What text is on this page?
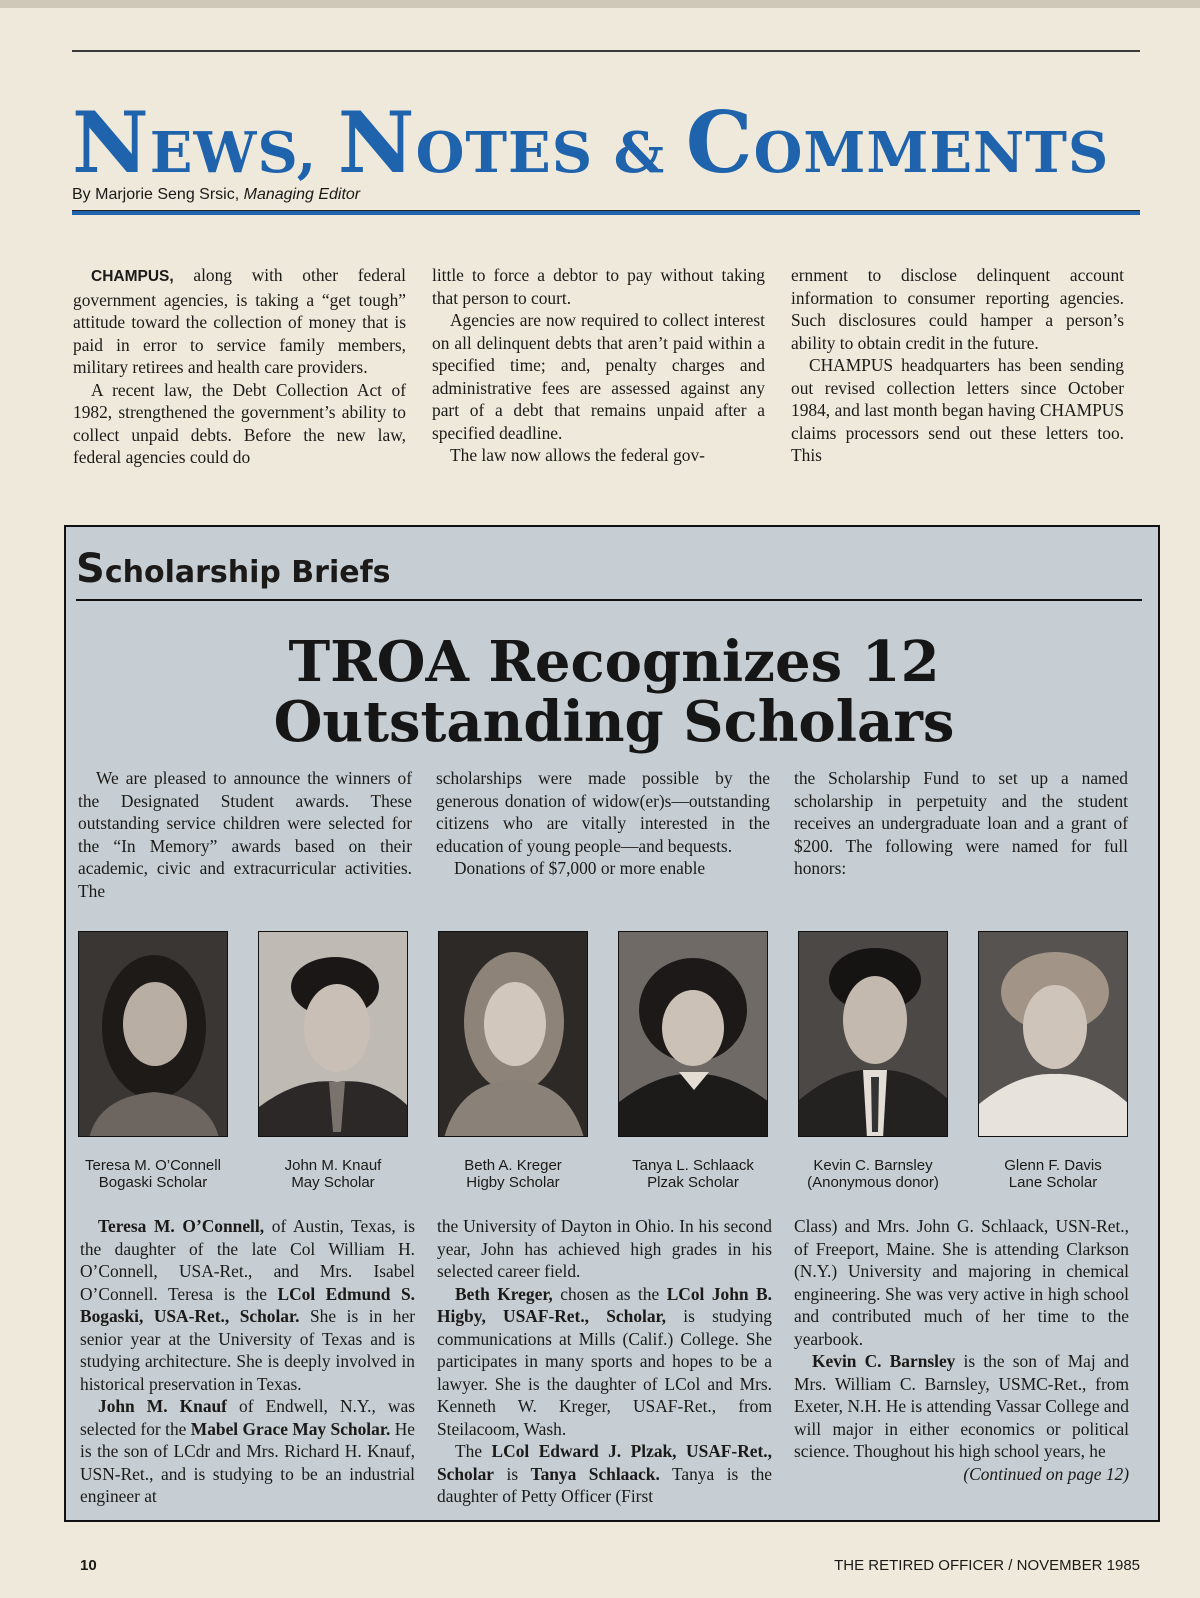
NEWS, NOTES & COMMENTS
By Marjorie Seng Srsic, Managing Editor

CHAMPUS, along with other federal government agencies, is taking a “get tough” attitude toward the collection of money that is paid in error to service family members, military retirees and health care providers.

A recent law, the Debt Collection Act of 1982, strengthened the government’s ability to collect unpaid debts. Before the new law, federal agencies could do

little to force a debtor to pay without taking that person to court.

Agencies are now required to collect interest on all delinquent debts that aren’t paid within a specified time; and, penalty charges and administrative fees are assessed against any part of a debt that remains unpaid after a specified deadline.

The law now allows the federal gov-

ernment to disclose delinquent account information to consumer reporting agencies. Such disclosures could hamper a person’s ability to obtain credit in the future.

CHAMPUS headquarters has been sending out revised collection letters since October 1984, and last month began having CHAMPUS claims processors send out these letters too. This

Scholarship Briefs
TROA Recognizes 12 Outstanding Scholars

We are pleased to announce the winners of the Designated Student awards. These outstanding service children were selected for the “In Memory” awards based on their academic, civic and extracurricular activities. The

scholarships were made possible by the generous donation of widow(er)s—outstanding citizens who are vitally interested in the education of young people—and bequests.

Donations of $7,000 or more enable

the Scholarship Fund to set up a named scholarship in perpetuity and the student receives an undergraduate loan and a grant of $200. The following were named for full honors:

Teresa M. O’Connell
Bogaski Scholar
John M. Knauf
May Scholar
Beth A. Kreger
Higby Scholar
Tanya L. Schlaack
Plzak Scholar
Kevin C. Barnsley
(Anonymous donor)
Glenn F. Davis
Lane Scholar

Teresa M. O’Connell, of Austin, Texas, is the daughter of the late Col William H. O’Connell, USA-Ret., and Mrs. Isabel O’Connell. Teresa is the LCol Edmund S. Bogaski, USA-Ret., Scholar. She is in her senior year at the University of Texas and is studying architecture. She is deeply involved in historical preservation in Texas.

John M. Knauf of Endwell, N.Y., was selected for the Mabel Grace May Scholar. He is the son of LCdr and Mrs. Richard H. Knauf, USN-Ret., and is studying to be an industrial engineer at

the University of Dayton in Ohio. In his second year, John has achieved high grades in his selected career field.

Beth Kreger, chosen as the LCol John B. Higby, USAF-Ret., Scholar, is studying communications at Mills (Calif.) College. She participates in many sports and hopes to be a lawyer. She is the daughter of LCol and Mrs. Kenneth W. Kreger, USAF-Ret., from Steilacoom, Wash.

The LCol Edward J. Plzak, USAF-Ret., Scholar is Tanya Schlaack. Tanya is the daughter of Petty Officer (First

Class) and Mrs. John G. Schlaack, USN-Ret., of Freeport, Maine. She is attending Clarkson (N.Y.) University and majoring in chemical engineering. She was very active in high school and contributed much of her time to the yearbook.

Kevin C. Barnsley is the son of Maj and Mrs. William C. Barnsley, USMC-Ret., from Exeter, N.H. He is attending Vassar College and will major in either economics or political science. Thoughout his high school years, he

(Continued on page 12)

10	THE RETIRED OFFICER / NOVEMBER 1985
